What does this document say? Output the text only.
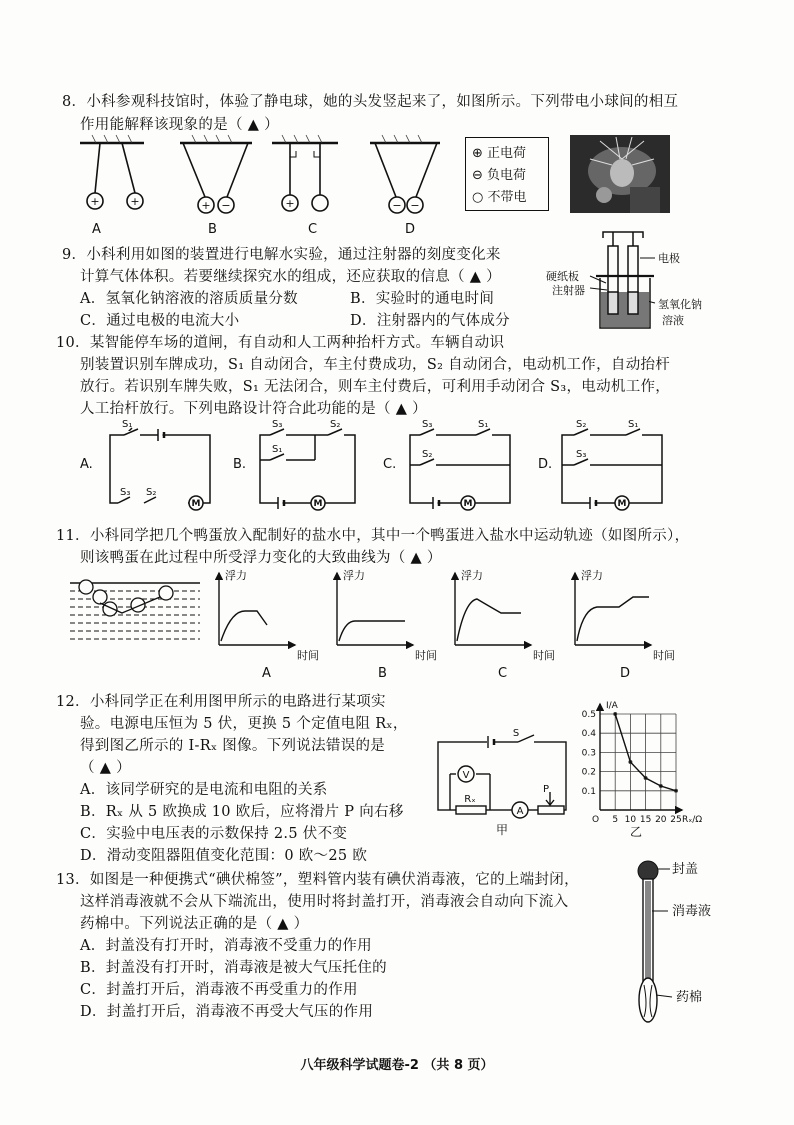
8．小科参观科技馆时，体验了静电球，她的头发竖起来了，如图所示。下列带电小球间的相互
作用能解释该现象的是（ ▲ ）
+	+	+ −	+	− −
A	B	C	D
⊕ 正电荷
⊖ 负电荷
○ 不带电
9．小科利用如图的装置进行电解水实验，通过注射器的刻度变化来
计算气体体积。若要继续探究水的组成，还应获取的信息（ ▲ ）
A．氢氧化钠溶液的溶质质量分数	B．实验时的通电时间
C．通过电极的电流大小	D．注射器内的气体成分
电极
硬纸板
注射器
氢氧化钠
溶液
10．某智能停车场的道闸，有自动和人工两种抬杆方式。车辆自动识
别装置识别车牌成功，S₁ 自动闭合，车主付费成功，S₂ 自动闭合，电动机工作，自动抬杆
放行。若识别车牌失败，S₁ 无法闭合，则车主付费后，可利用手动闭合 S₃，电动机工作，
人工抬杆放行。下列电路设计符合此功能的是（ ▲ ）
A.	B.	C.	D.
S₁
S₃ S₂
S₃	S₂
S₁
S₃	S₁
S₂
S₂	S₁
S₃
M	M	M	M
11．小科同学把几个鸭蛋放入配制好的盐水中，其中一个鸭蛋进入盐水中运动轨迹（如图所示），
则该鸭蛋在此过程中所受浮力变化的大致曲线为（ ▲ ）
浮力	浮力	浮力	浮力
时间	时间	时间	时间
A	B	C	D
12．小科同学正在利用图甲所示的电路进行某项实
验。电源电压恒为 5 伏，更换 5 个定值电阻 Rₓ，
得到图乙所示的 I-Rₓ 图像。下列说法错误的是
（ ▲ ）
A．该同学研究的是电流和电阻的关系
B．Rₓ 从 5 欧换成 10 欧后，应将滑片 P 向右移
C．实验中电压表的示数保持 2.5 伏不变
D．滑动变阻器阻值变化范围：0 欧～25 欧
S
V
A
Rₓ
P
甲
0.5
0.4
0.3
0.2
0.1
5 10 15 20 25
I/A
Rₓ/Ω
O
乙
13．如图是一种便携式“碘伏棉签”，塑料管内装有碘伏消毒液，它的上端封闭，
这样消毒液就不会从下端流出，使用时将封盖打开，消毒液会自动向下流入
药棉中。下列说法正确的是（ ▲ ）
A．封盖没有打开时，消毒液不受重力的作用
B．封盖没有打开时，消毒液是被大气压托住的
C．封盖打开后，消毒液不再受重力的作用
D．封盖打开后，消毒液不再受大气压的作用
封盖
消毒液
药棉
八年级科学试题卷-2 （共 8 页）
